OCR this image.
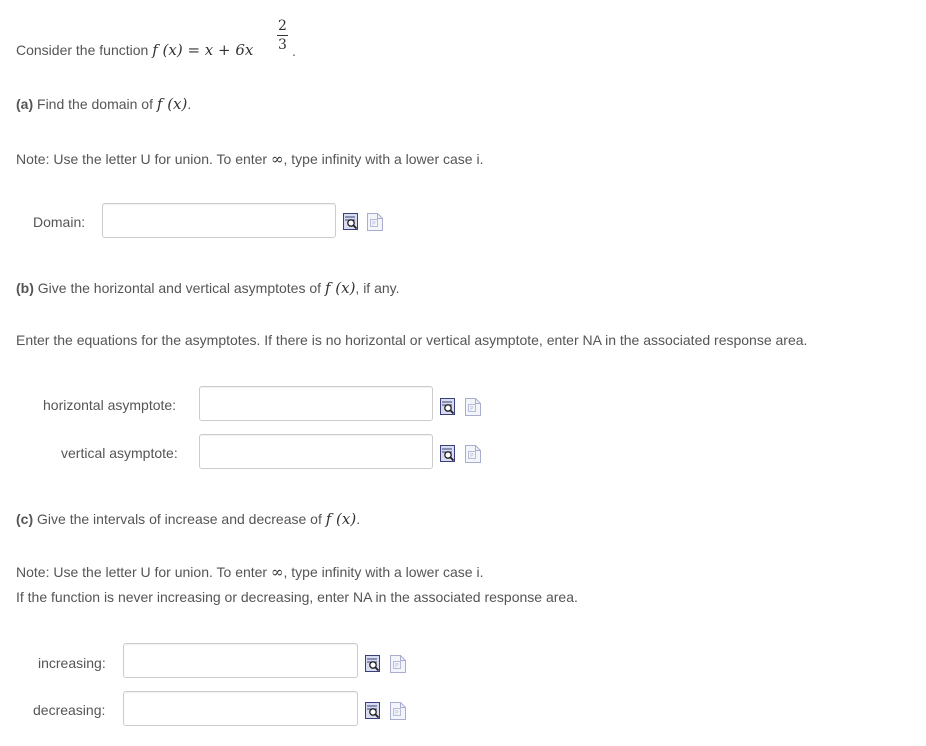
Consider the function f (x) = x + 6x
2
3 .
(a) Find the domain of f (x).
Note: Use the letter U for union. To enter ∞, type infinity with a lower case i.
Domain:	P
(b) Give the horizontal and vertical asymptotes of f (x), if any.
Enter the equations for the asymptotes. If there is no horizontal or vertical asymptote, enter NA in the associated response area.
horizontal asymptote:	P
vertical asymptote:	P
(c) Give the intervals of increase and decrease of f (x).
Note: Use the letter U for union. To enter ∞, type infinity with a lower case i.
If the function is never increasing or decreasing, enter NA in the associated response area.
increasing:	P
decreasing:	P
